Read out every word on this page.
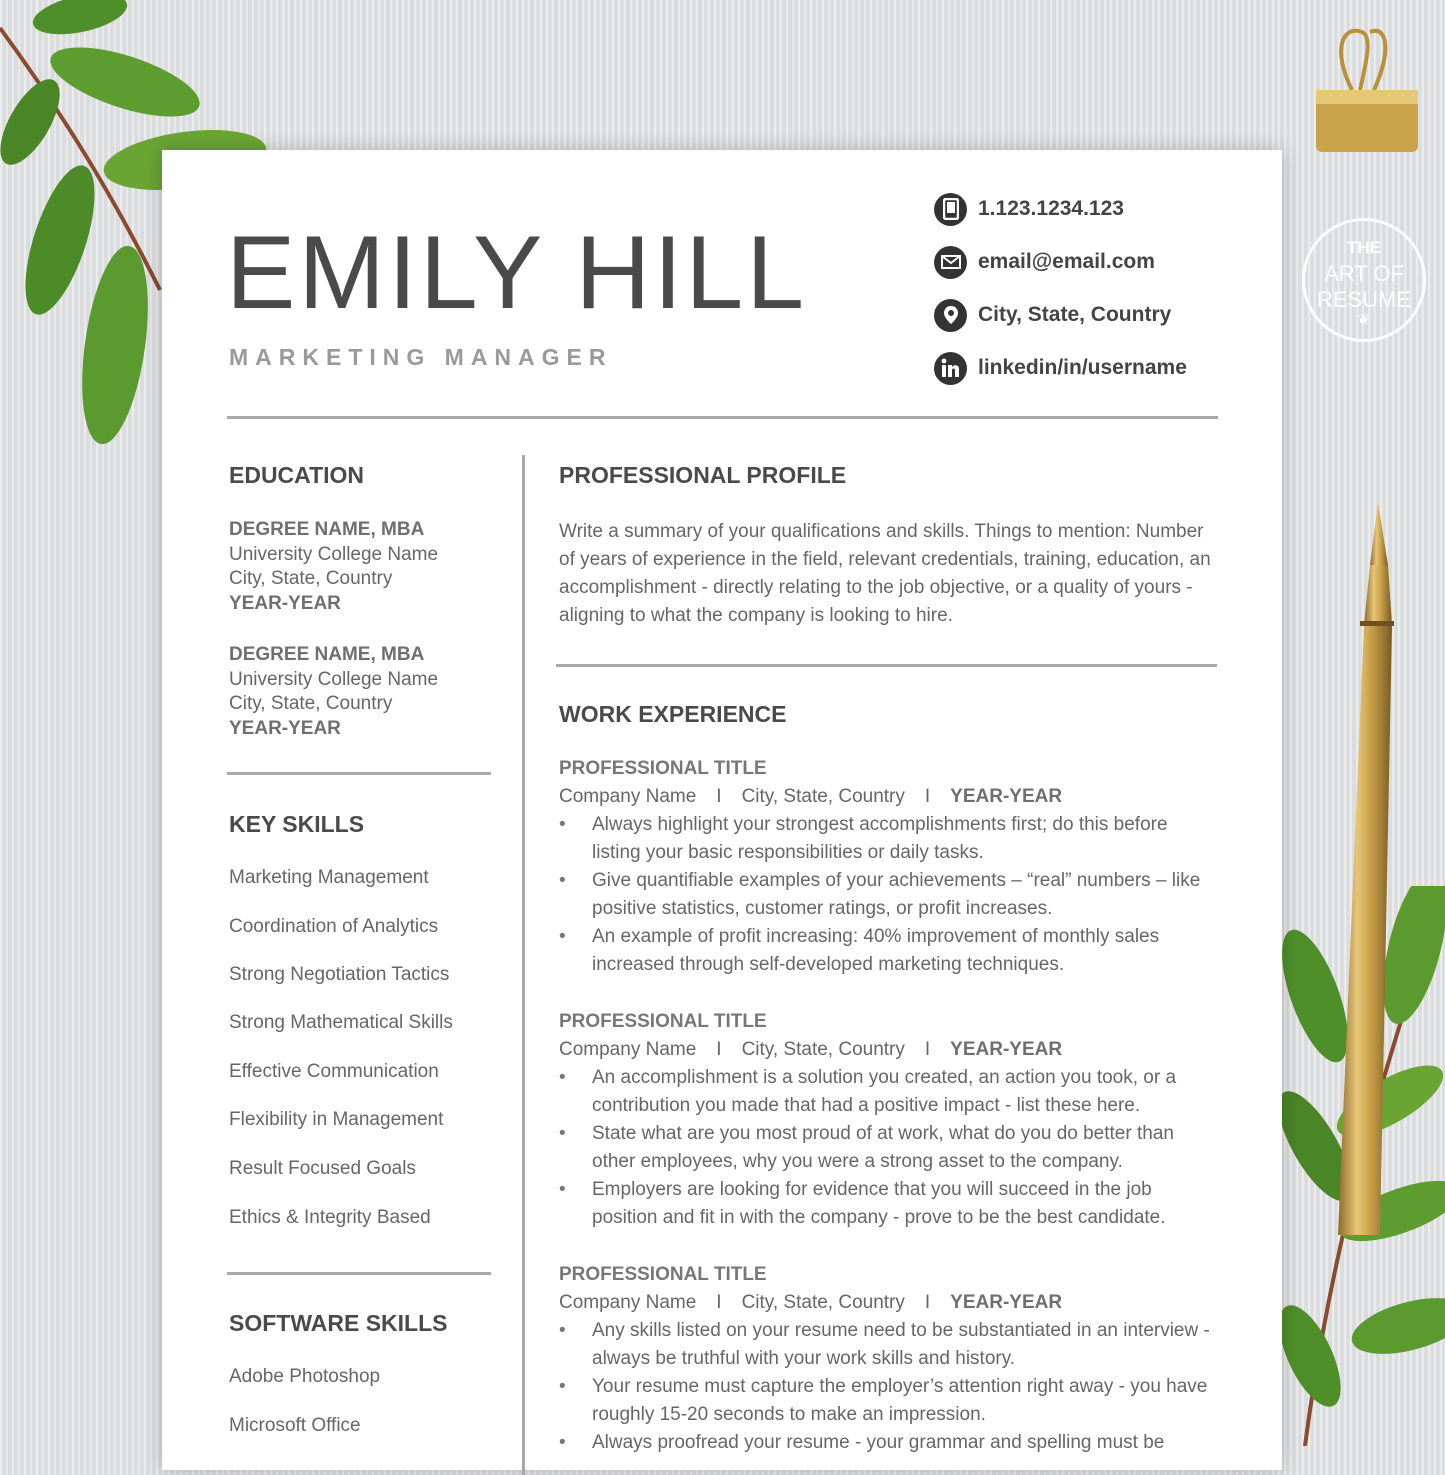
THE
ART OF
RESUME
❦
EMILY HILL
MARKETING MANAGER
1.123.1234.123
email@email.com
City, State, Country
linkedin/in/username
EDUCATION
DEGREE NAME, MBA
University College Name
City, State, Country
YEAR-YEAR
DEGREE NAME, MBA
University College Name
City, State, Country
YEAR-YEAR
KEY SKILLS
Marketing Management
Coordination of Analytics
Strong Negotiation Tactics
Strong Mathematical Skills
Effective Communication
Flexibility in Management
Result Focused Goals
Ethics & Integrity Based
SOFTWARE SKILLS
Adobe Photoshop
Microsoft Office
PROFESSIONAL PROFILE
Write a summary of your qualifications and skills. Things to mention: Number of years of experience in the field, relevant credentials, training, education, an accomplishment - directly relating to the job objective, or a quality of yours - aligning to what the company is looking to hire.
WORK EXPERIENCE
PROFESSIONAL TITLE
Company Name I City, State, Country I YEAR-YEAR
• Always highlight your strongest accomplishments first; do this before listing your basic responsibilities or daily tasks.
• Give quantifiable examples of your achievements – “real” numbers – like positive statistics, customer ratings, or profit increases.
• An example of profit increasing: 40% improvement of monthly sales increased through self-developed marketing techniques.
PROFESSIONAL TITLE
Company Name I City, State, Country I YEAR-YEAR
• An accomplishment is a solution you created, an action you took, or a contribution you made that had a positive impact - list these here.
• State what are you most proud of at work, what do you do better than other employees, why you were a strong asset to the company.
• Employers are looking for evidence that you will succeed in the job position and fit in with the company - prove to be the best candidate.
PROFESSIONAL TITLE
Company Name I City, State, Country I YEAR-YEAR
• Any skills listed on your resume need to be substantiated in an interview - always be truthful with your work skills and history.
• Your resume must capture the employer’s attention right away - you have roughly 15-20 seconds to make an impression.
• Always proofread your resume - your grammar and spelling must be
